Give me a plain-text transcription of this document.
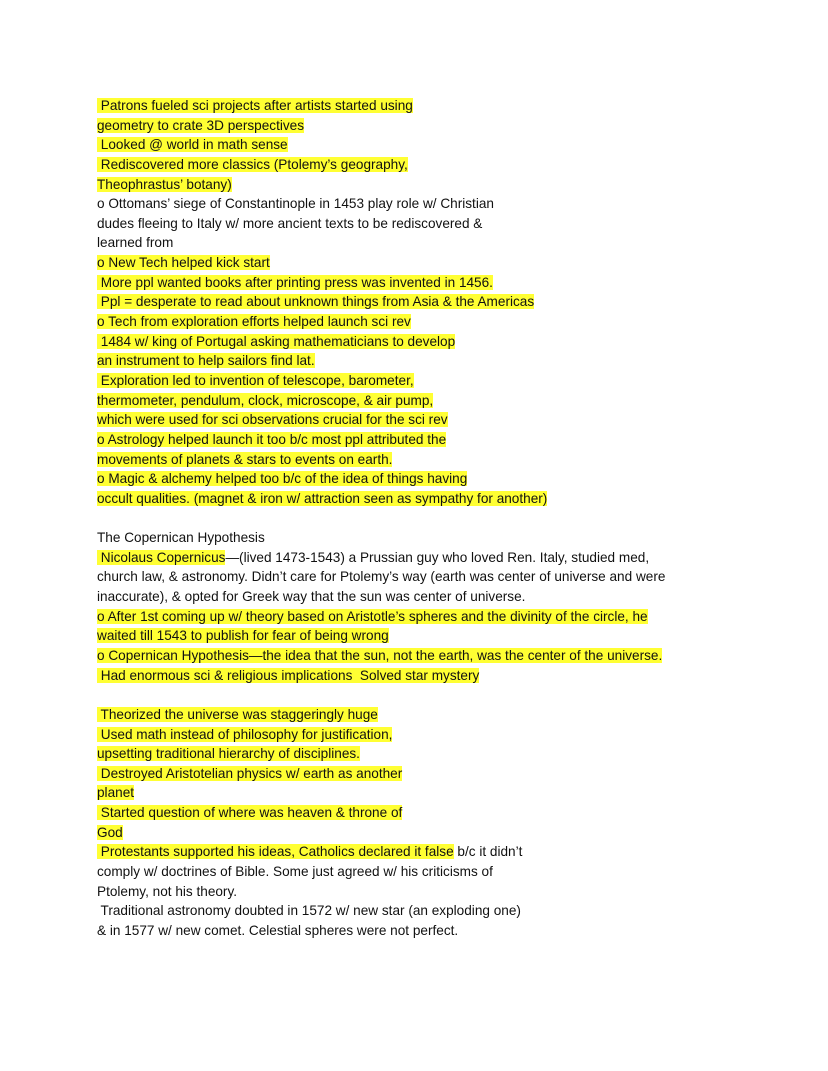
Patrons fueled sci projects after artists started using
geometry to crate 3D perspectives
Looked @ world in math sense
Rediscovered more classics (Ptolemy’s geography,
Theophrastus’ botany)
o Ottomans’ siege of Constantinople in 1453 play role w/ Christian
dudes fleeing to Italy w/ more ancient texts to be rediscovered &
learned from
o New Tech helped kick start
More ppl wanted books after printing press was invented in 1456.
Ppl = desperate to read about unknown things from Asia & the Americas
o Tech from exploration efforts helped launch sci rev
1484 w/ king of Portugal asking mathematicians to develop
an instrument to help sailors find lat.
Exploration led to invention of telescope, barometer,
thermometer, pendulum, clock, microscope, & air pump,
which were used for sci observations crucial for the sci rev
o Astrology helped launch it too b/c most ppl attributed the
movements of planets & stars to events on earth.
o Magic & alchemy helped too b/c of the idea of things having
occult qualities. (magnet & iron w/ attraction seen as sympathy for another)
The Copernican Hypothesis
Nicolaus Copernicus—(lived 1473-1543) a Prussian guy who loved Ren. Italy, studied med,
church law, & astronomy. Didn’t care for Ptolemy’s way (earth was center of universe and were
inaccurate), & opted for Greek way that the sun was center of universe.
o After 1st coming up w/ theory based on Aristotle’s spheres and the divinity of the circle, he
waited till 1543 to publish for fear of being wrong
o Copernican Hypothesis—the idea that the sun, not the earth, was the center of the universe.
Had enormous sci & religious implications  Solved star mystery
Theorized the universe was staggeringly huge
Used math instead of philosophy for justification,
upsetting traditional hierarchy of disciplines.
Destroyed Aristotelian physics w/ earth as another
planet
Started question of where was heaven & throne of
God
Protestants supported his ideas, Catholics declared it false b/c it didn’t
comply w/ doctrines of Bible. Some just agreed w/ his criticisms of
Ptolemy, not his theory.
Traditional astronomy doubted in 1572 w/ new star (an exploding one)
& in 1577 w/ new comet. Celestial spheres were not perfect.
